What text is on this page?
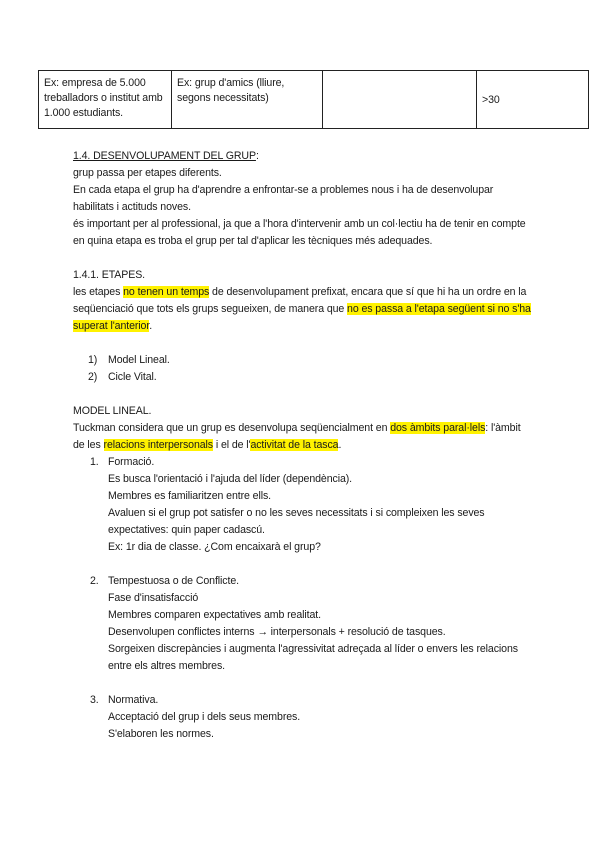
Ex: empresa de 5.000 treballadors o institut amb 1.000 estudiants.	Ex: grup d'amics (lliure, segons necessitats)		>30

1.4. DESENVOLUPAMENT DEL GRUP:

grup passa per etapes diferents.

En cada etapa el grup ha d'aprendre a enfrontar-se a problemes nous i ha de desenvolupar habilitats i actituds noves.

és important per al professional, ja que a l'hora d'intervenir amb un col·lectiu ha de tenir en compte en quina etapa es troba el grup per tal d'aplicar les tècniques més adequades.

1.4.1. ETAPES.

les etapes no tenen un temps de desenvolupament prefixat, encara que sí que hi ha un ordre en la seqüenciació que tots els grups segueixen, de manera que no es passa a l'etapa següent si no s'ha superat l'anterior.

1) Model Lineal.
2) Cicle Vital.

MODEL LINEAL.

Tuckman considera que un grup es desenvolupa seqüencialment en dos àmbits paral·lels: l'àmbit de les relacions interpersonals i el de l'activitat de la tasca.

1. Formació.

Es busca l'orientació i l'ajuda del líder (dependència).

Membres es familiaritzen entre ells.

Avaluen si el grup pot satisfer o no les seves necessitats i si compleixen les seves expectatives: quin paper cadascú.

Ex: 1r dia de classe. ¿Com encaixarà el grup?

2. Tempestuosa o de Conflicte.

Fase d'insatisfacció

Membres comparen expectatives amb realitat.

Desenvolupen conflictes interns → interpersonals + resolució de tasques.

Sorgeixen discrepàncies i augmenta l'agressivitat adreçada al líder o envers les relacions entre els altres membres.

3. Normativa.

Acceptació del grup i dels seus membres.

S'elaboren les normes.
